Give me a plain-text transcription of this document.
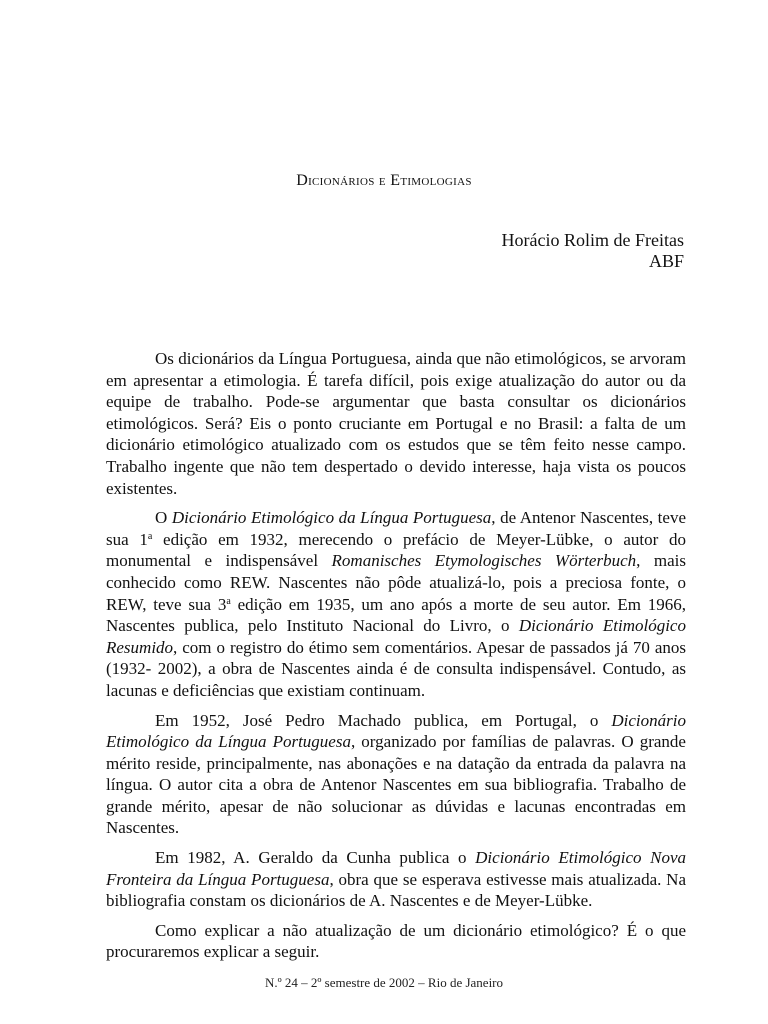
Dicionários e Etimologias
Horácio Rolim de Freitas
ABF

Os dicionários da Língua Portuguesa, ainda que não etimológicos, se arvoram em apresentar a etimologia. É tarefa difícil, pois exige atualização do autor ou da equipe de trabalho. Pode-se argumentar que basta consultar os dicionários etimológicos. Será? Eis o ponto cruciante em Portugal e no Brasil: a falta de um dicionário etimológico atualizado com os estudos que se têm feito nesse campo. Trabalho ingente que não tem despertado o devido interesse, haja vista os poucos existentes.

O Dicionário Etimológico da Língua Portuguesa, de Antenor Nascentes, teve sua 1$^a$ edição em 1932, merecendo o prefácio de Meyer-Lübke, o autor do monumental e indispensável Romanisches Etymologisches Wörterbuch, mais conhecido como REW. Nascentes não pôde atualizá-lo, pois a preciosa fonte, o REW, teve sua 3$^a$ edição em 1935, um ano após a morte de seu autor. Em 1966, Nascentes publica, pelo Instituto Nacional do Livro, o Dicionário Etimológico Resumido, com o registro do étimo sem comentários. Apesar de passados já 70 anos (1932- 2002), a obra de Nascentes ainda é de consulta indispensável. Contudo, as lacunas e deficiências que existiam continuam.

Em 1952, José Pedro Machado publica, em Portugal, o Dicionário Etimológico da Língua Portuguesa, organizado por famílias de palavras. O grande mérito reside, principalmente, nas abonações e na datação da entrada da palavra na língua. O autor cita a obra de Antenor Nascentes em sua bibliografia. Trabalho de grande mérito, apesar de não solucionar as dúvidas e lacunas encontradas em Nascentes.

Em 1982, A. Geraldo da Cunha publica o Dicionário Etimológico Nova Fronteira da Língua Portuguesa, obra que se esperava estivesse mais atualizada. Na bibliografia constam os dicionários de A. Nascentes e de Meyer-Lübke.

Como explicar a não atualização de um dicionário etimológico? É o que procuraremos explicar a seguir.

N.º 24 – 2º semestre de 2002 – Rio de Janeiro
